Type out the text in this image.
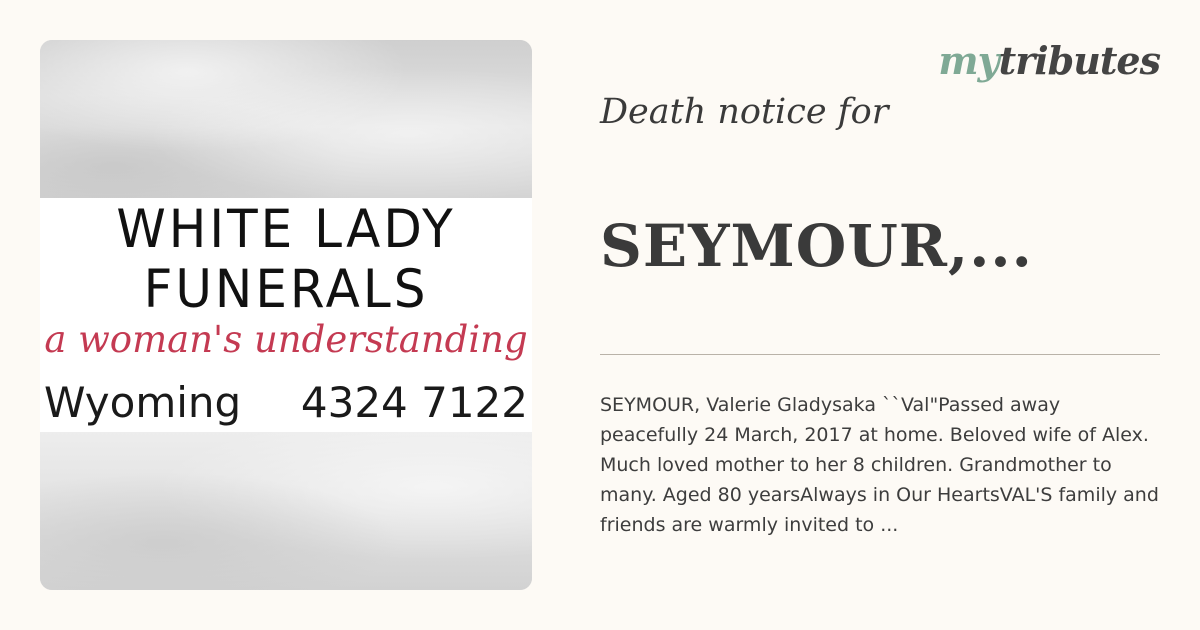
WHITE LADY
FUNERALS
a woman's understanding
Wyoming 4324 7122
mytributes
Death notice for
SEYMOUR,...
SEYMOUR, Valerie Gladysaka ``Val"Passed away peacefully 24 March, 2017 at home. Beloved wife of Alex. Much loved mother to her 8 children. Grandmother to many. Aged 80 yearsAlways in Our HeartsVAL'S family and friends are warmly invited to ...
